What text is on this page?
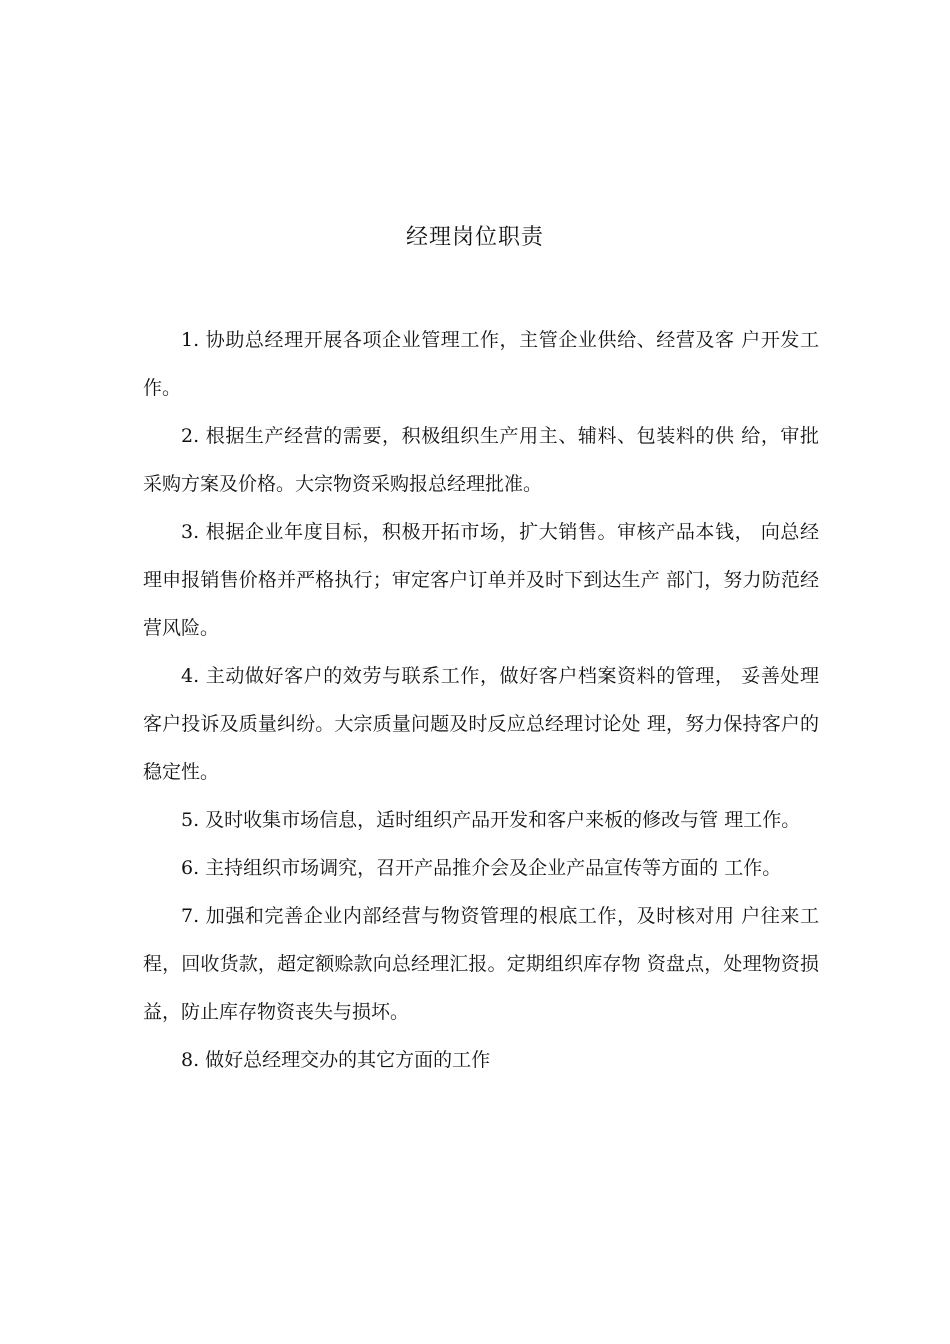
经理岗位职责

1. 协助总经理开展各项企业管理工作，主管企业供给、经营及客 户开发工作。

2. 根据生产经营的需要，积极组织生产用主、辅料、包装料的供 给，审批采购方案及价格。大宗物资采购报总经理批准。

3. 根据企业年度目标，积极开拓市场，扩大销售。审核产品本钱， 向总经理申报销售价格并严格执行；审定客户订单并及时下到达生产 部门，努力防范经营风险。

4. 主动做好客户的效劳与联系工作，做好客户档案资料的管理， 妥善处理客户投诉及质量纠纷。大宗质量问题及时反应总经理讨论处 理，努力保持客户的稳定性。

5. 及时收集市场信息，适时组织产品开发和客户来板的修改与管 理工作。

6. 主持组织市场调究，召开产品推介会及企业产品宣传等方面的 工作。

7. 加强和完善企业内部经营与物资管理的根底工作，及时核对用 户往来工程，回收货款，超定额赊款向总经理汇报。定期组织库存物 资盘点，处理物资损益，防止库存物资丧失与损坏。

8. 做好总经理交办的其它方面的工作
